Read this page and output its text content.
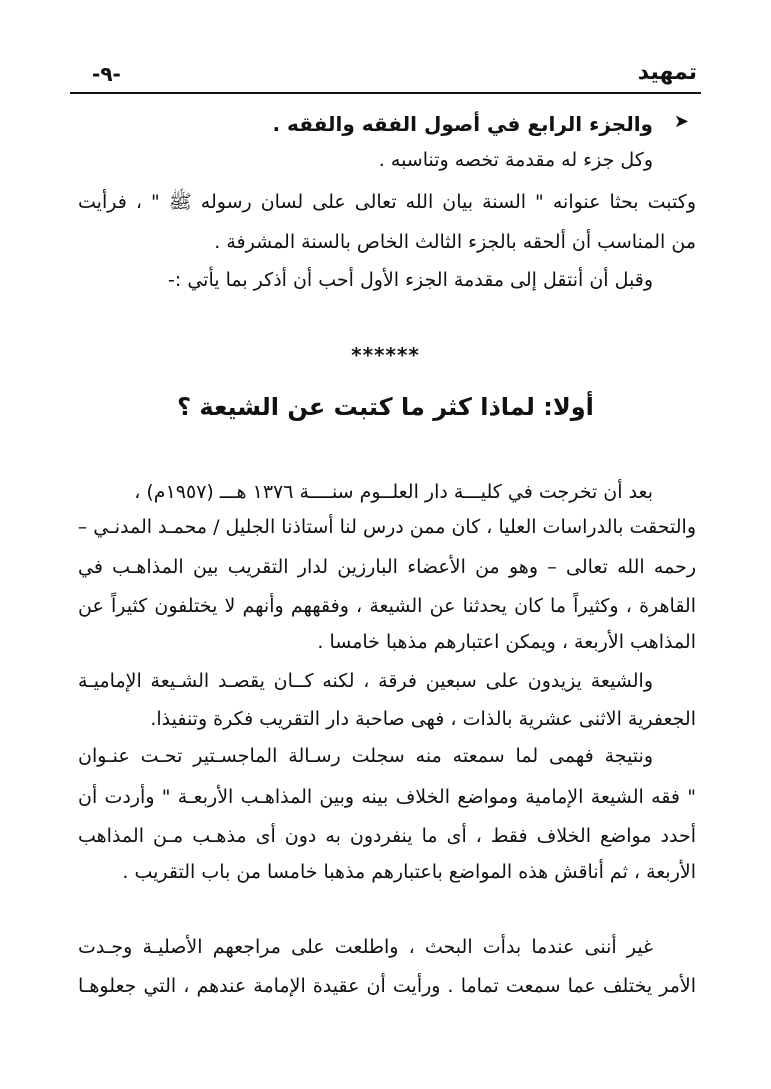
تمهيد
-٩-
➤
والجزء الرابع في أصول الفقه والفقه .
وكل جزء له مقدمة تخصه وتناسبه .
وكتبت بحثا عنوانه " السنة بيان الله تعالى على لسان رسوله ﷺ " ، فرأيت
من المناسب أن ألحقه بالجزء الثالث الخاص بالسنة المشرفة .
وقبل أن أنتقل إلى مقدمة الجزء الأول أحب أن أذكر بما يأتي :-
******
أولا: لماذا كثر ما كتبت عن الشيعة ؟
بعد أن تخرجت في كليـــة دار العلــوم سنــــة ١٣٧٦ هـــ (١٩٥٧م) ،
والتحقت بالدراسات العليا ، كان ممن درس لنا أستاذنا الجليل / محمـد المدنـي –
رحمه الله تعالى – وهو من الأعضاء البارزين لدار التقريب بين المذاهـب في
القاهرة ، وكثيراً ما كان يحدثنا عن الشيعة ، وفقههم وأنهم لا يختلفون كثيراً عن
المذاهب الأربعة ، ويمكن اعتبارهم مذهبا خامسا .
والشيعة يزيدون على سبعين فرقة ، لكنه كــان يقصـد الشـيعة الإماميـة
الجعفرية الاثنى عشرية بالذات ، فهى صاحبة دار التقريب فكرة وتنفيذا.
ونتيجة فهمى لما سمعته منه سجلت رسـالة الماجسـتير تحـت عنـوان
" فقه الشيعة الإمامية ومواضع الخلاف بينه وبين المذاهـب الأربعـة " وأردت أن
أحدد مواضع الخلاف فقط ، أى ما ينفردون به دون أى مذهـب مـن المذاهب
الأربعة ، ثم أناقش هذه المواضع باعتبارهم مذهبا خامسا من باب التقريب .
غير أننى عندما بدأت البحث ، واطلعت على مراجعهم الأصليـة وجـدت
الأمر يختلف عما سمعت تماما . ورأيت أن عقيدة الإمامة عندهم ، التي جعلوهـا
